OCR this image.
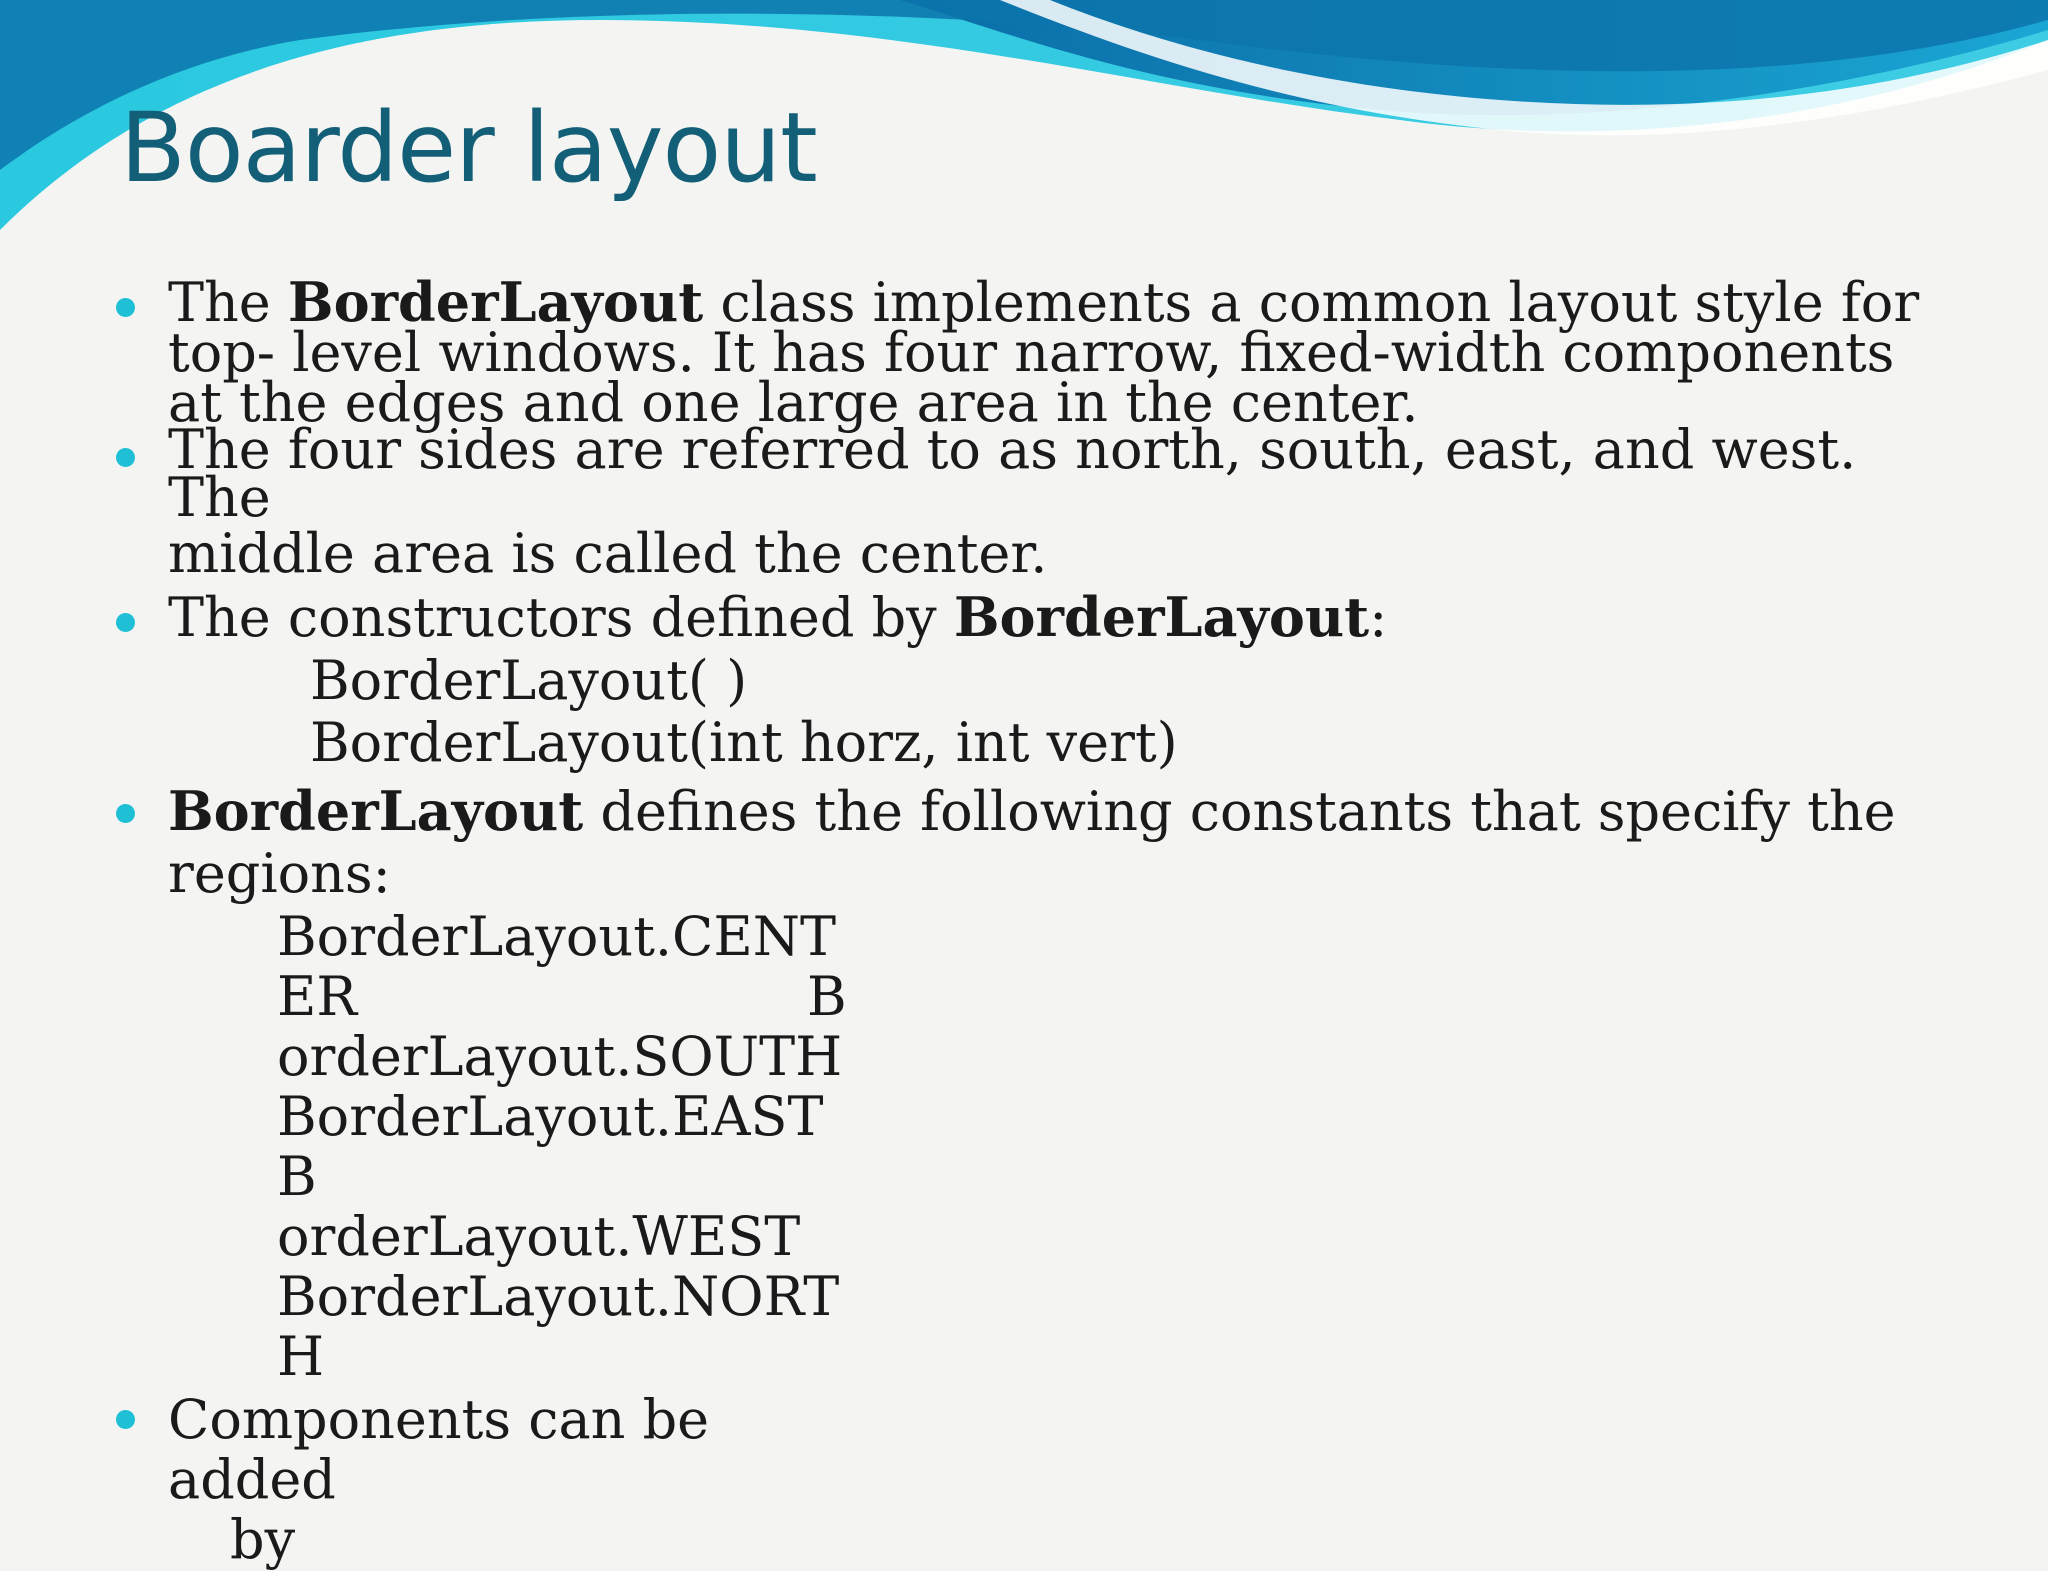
Boarder layout
The BorderLayout class implements a common layout style for
top- level windows. It has four narrow, fixed-width components
at the edges and one large area in the center.
The four sides are referred to as north, south, east, and west.
The
middle area is called the center.
The constructors defined by BorderLayout:
BorderLayout( )
BorderLayout(int horz, int vert)
BorderLayout defines the following constants that specify the
regions:
BorderLayout.CENT
ER	B
orderLayout.SOUTH
BorderLayout.EAST
B
orderLayout.WEST
BorderLayout.NORT
H
Components can be
added
by
